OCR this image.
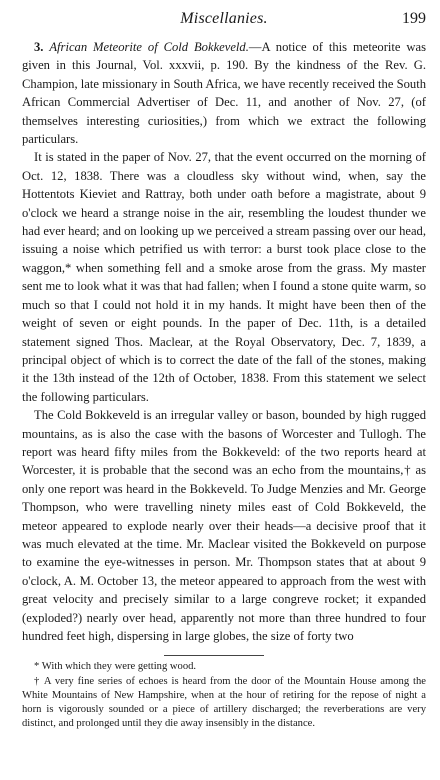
Miscellanies.	199

3. African Meteorite of Cold Bokkeveld.—A notice of this meteorite was given in this Journal, Vol. xxxvii, p. 190. By the kindness of the Rev. G. Champion, late missionary in South Africa, we have recently received the South African Commercial Advertiser of Dec. 11, and another of Nov. 27, (of themselves interesting curiosities,) from which we extract the following particulars.

It is stated in the paper of Nov. 27, that the event occurred on the morning of Oct. 12, 1838. There was a cloudless sky without wind, when, say the Hottentots Kieviet and Rattray, both under oath before a magistrate, about 9 o'clock we heard a strange noise in the air, resembling the loudest thunder we had ever heard; and on looking up we perceived a stream passing over our head, issuing a noise which petrified us with terror: a burst took place close to the waggon,* when something fell and a smoke arose from the grass. My master sent me to look what it was that had fallen; when I found a stone quite warm, so much so that I could not hold it in my hands. It might have been then of the weight of seven or eight pounds. In the paper of Dec. 11th, is a detailed statement signed Thos. Maclear, at the Royal Observatory, Dec. 7, 1839, a principal object of which is to correct the date of the fall of the stones, making it the 13th instead of the 12th of October, 1838. From this statement we select the following particulars.

The Cold Bokkeveld is an irregular valley or bason, bounded by high rugged mountains, as is also the case with the basons of Worcester and Tullogh. The report was heard fifty miles from the Bokkeveld: of the two reports heard at Worcester, it is probable that the second was an echo from the mountains,† as only one report was heard in the Bokkeveld. To Judge Menzies and Mr. George Thompson, who were travelling ninety miles east of Cold Bokkeveld, the meteor appeared to explode nearly over their heads—a decisive proof that it was much elevated at the time. Mr. Maclear visited the Bokkeveld on purpose to examine the eye-witnesses in person. Mr. Thompson states that at about 9 o'clock, A. M. October 13, the meteor appeared to approach from the west with great velocity and precisely similar to a large congreve rocket; it expanded (exploded?) nearly over head, apparently not more than three hundred to four hundred feet high, dispersing in large globes, the size of forty two

* With which they were getting wood.

† A very fine series of echoes is heard from the door of the Mountain House among the White Mountains of New Hampshire, when at the hour of retiring for the repose of night a horn is vigorously sounded or a piece of artillery discharged; the reverberations are very distinct, and prolonged until they die away insensibly in the distance.
